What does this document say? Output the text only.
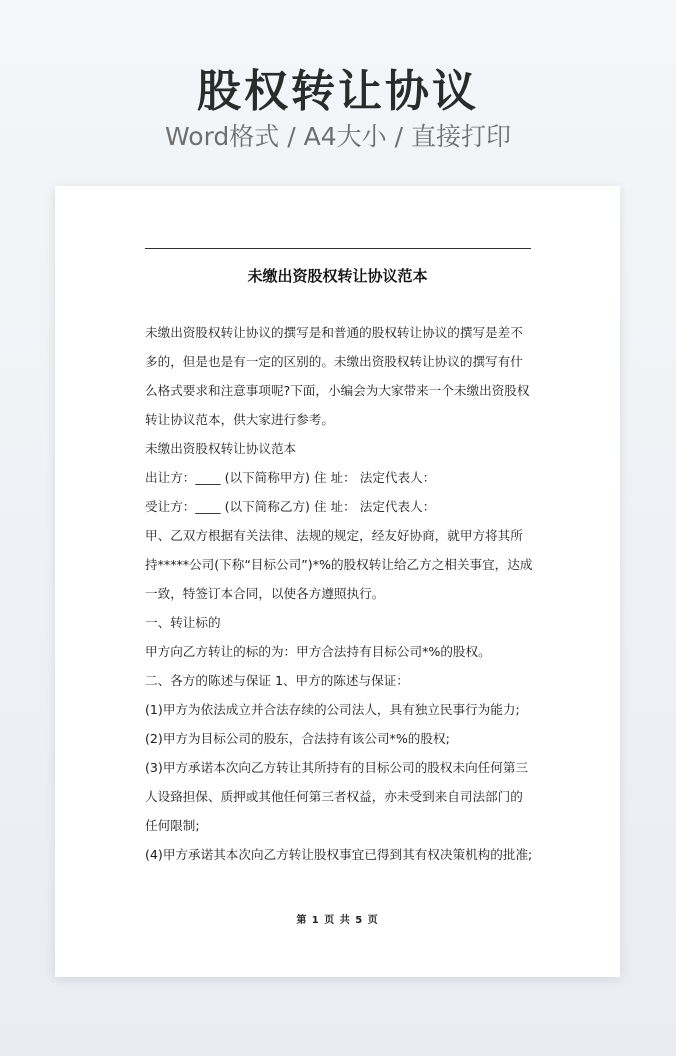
股权转让协议
Word格式 / A4大小 / 直接打印
未缴出资股权转让协议范本

未缴出资股权转让协议的撰写是和普通的股权转让协议的撰写是差不多的，但是也是有一定的区别的。未缴出资股权转让协议的撰写有什么格式要求和注意事项呢?下面，小编会为大家带来一个未缴出资股权转让协议范本，供大家进行参考。

未缴出资股权转让协议范本

出让方：____ (以下简称甲方) 住 址： 法定代表人：

受让方：____ (以下简称乙方) 住 址： 法定代表人：

甲、乙双方根据有关法律、法规的规定，经友好协商，就甲方将其所持*****公司(下称“目标公司”)*%的股权转让给乙方之相关事宜，达成一致，特签订本合同，以使各方遵照执行。

一、转让标的

甲方向乙方转让的标的为：甲方合法持有目标公司*%的股权。

二、各方的陈述与保证 1、甲方的陈述与保证：

(1)甲方为依法成立并合法存续的公司法人，具有独立民事行为能力;

(2)甲方为目标公司的股东，合法持有该公司*%的股权;

(3)甲方承诺本次向乙方转让其所持有的目标公司的股权未向任何第三人设臵担保、质押或其他任何第三者权益，亦未受到来自司法部门的任何限制;

(4)甲方承诺其本次向乙方转让股权事宜已得到其有权决策机构的批准;

第 1 页 共 5 页
